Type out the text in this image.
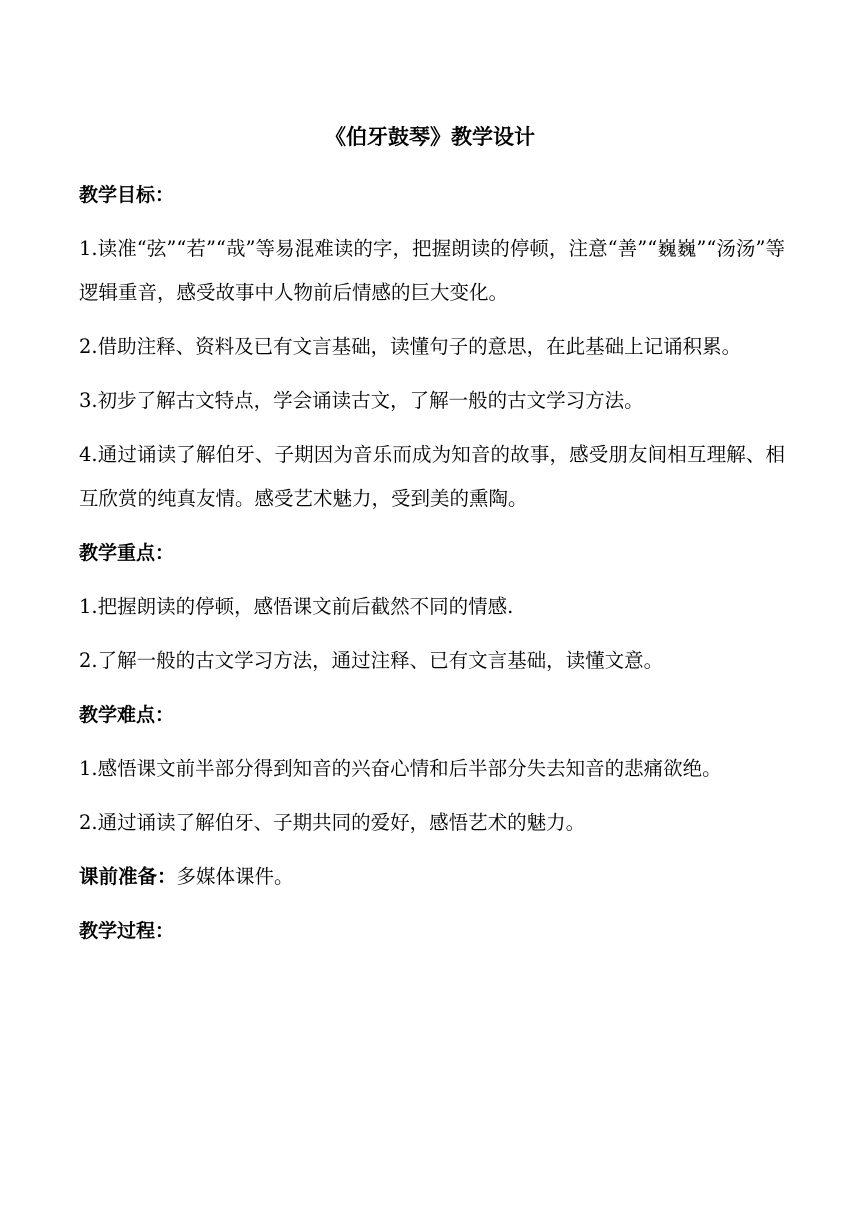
《伯牙鼓琴》教学设计
教学目标：
1.读准“弦”“若”“哉”等易混难读的字，把握朗读的停顿，注意“善”“巍巍”“汤汤”等逻辑重音，感受故事中人物前后情感的巨大变化。
2.借助注释、资料及已有文言基础，读懂句子的意思，在此基础上记诵积累。
3.初步了解古文特点，学会诵读古文，了解一般的古文学习方法。
4.通过诵读了解伯牙、子期因为音乐而成为知音的故事，感受朋友间相互理解、相互欣赏的纯真友情。感受艺术魅力，受到美的熏陶。
教学重点：
1.把握朗读的停顿，感悟课文前后截然不同的情感.
2.了解一般的古文学习方法，通过注释、已有文言基础，读懂文意。
教学难点：
1.感悟课文前半部分得到知音的兴奋心情和后半部分失去知音的悲痛欲绝。
2.通过诵读了解伯牙、子期共同的爱好，感悟艺术的魅力。
课前准备：多媒体课件。
教学过程：
